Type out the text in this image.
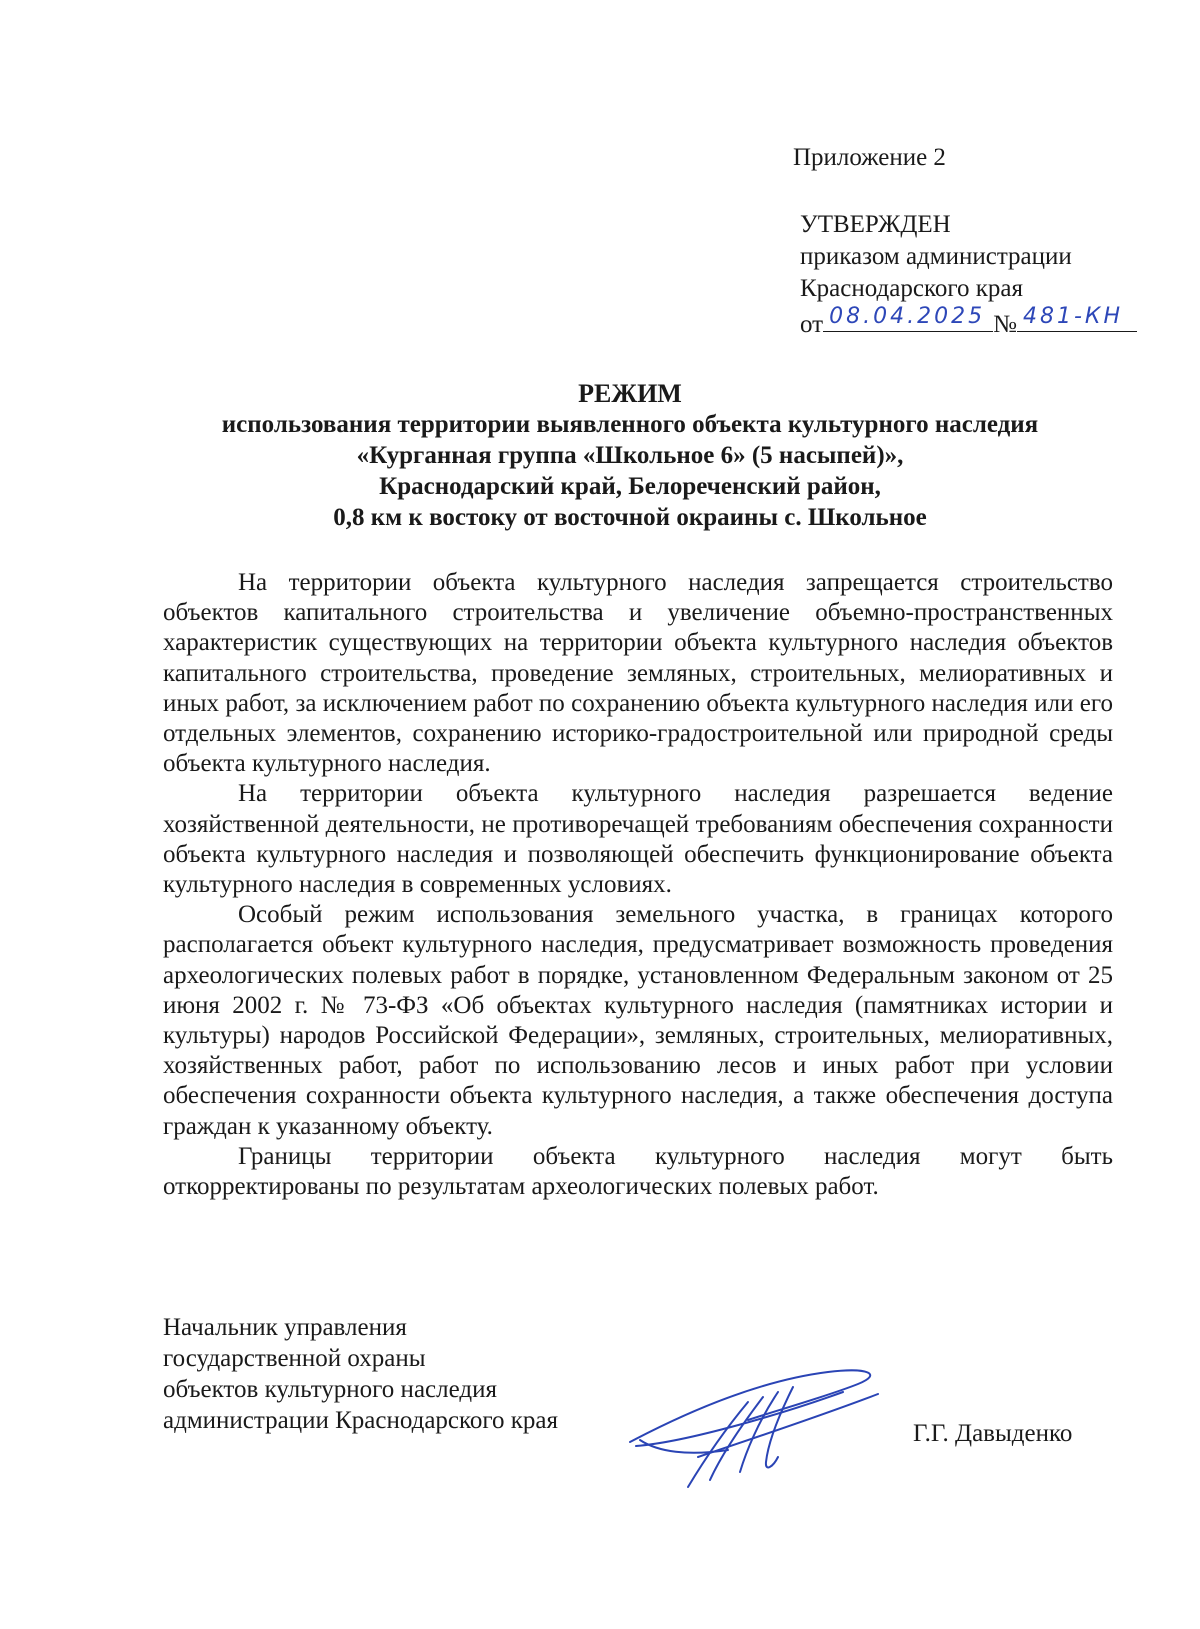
Приложение 2
УТВЕРЖДЕН
приказом администрации
Краснодарского края
от 08.04.2025 № 481-КН
РЕЖИМ
использования территории выявленного объекта культурного наследия
«Курганная группа «Школьное 6» (5 насыпей)»,
Краснодарский край, Белореченский район,
0,8 км к востоку от восточной окраины с. Школьное

На территории объекта культурного наследия запрещается строительство объектов капитального строительства и увеличение объемно-пространственных характеристик существующих на территории объекта культурного наследия объектов капитального строительства, проведение земляных, строительных, мелиоративных и иных работ, за исключением работ по сохранению объекта культурного наследия или его отдельных элементов, сохранению историко-градостроительной или природной среды объекта культурного наследия.

На территории объекта культурного наследия разрешается ведение хозяйственной деятельности, не противоречащей требованиям обеспечения сохранности объекта культурного наследия и позволяющей обеспечить функционирование объекта культурного наследия в современных условиях.

Особый режим использования земельного участка, в границах которого располагается объект культурного наследия, предусматривает возможность проведения археологических полевых работ в порядке, установленном Федеральным законом от 25 июня 2002 г. № 73-ФЗ «Об объектах культурного наследия (памятниках истории и культуры) народов Российской Федерации», земляных, строительных, мелиоративных, хозяйственных работ, работ по использованию лесов и иных работ при условии обеспечения сохранности объекта культурного наследия, а также обеспечения доступа граждан к указанному объекту.

Границы территории объекта культурного наследия могут быть откорректированы по результатам археологических полевых работ.

Начальник управления
государственной охраны
объектов культурного наследия
администрации Краснодарского края	Г.Г. Давыденко
